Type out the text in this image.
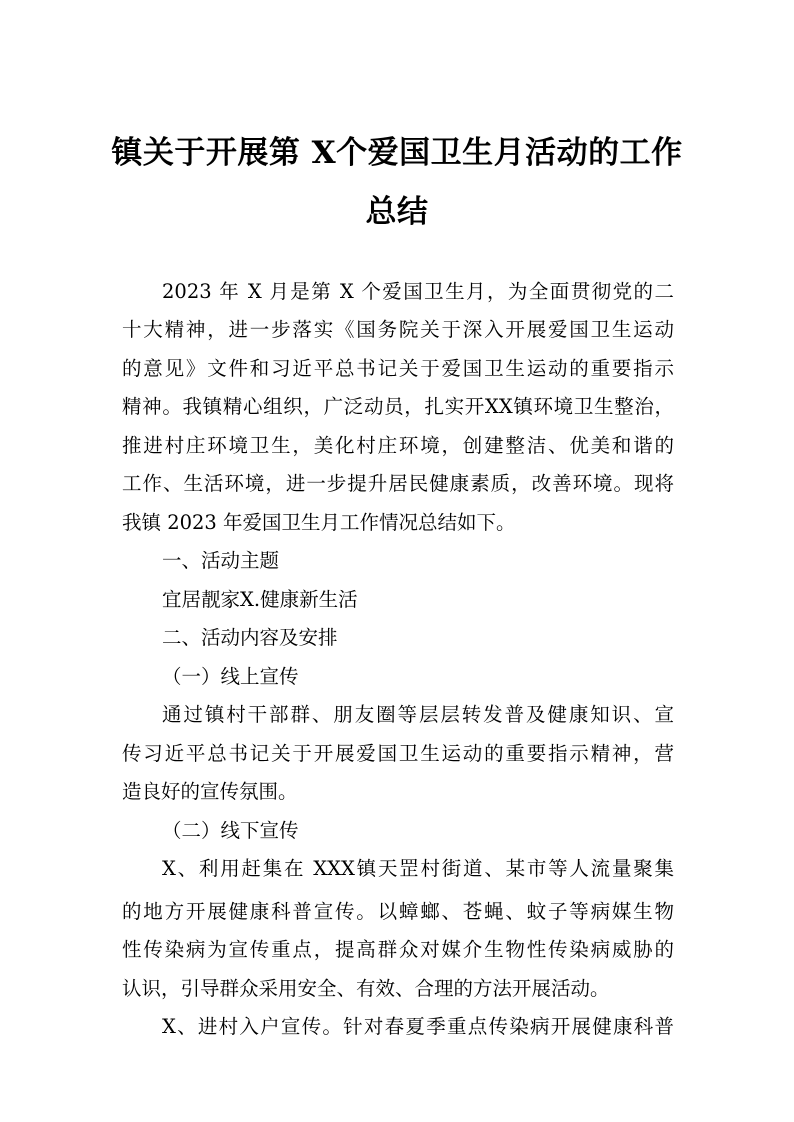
镇关于开展第 X个爱国卫生月活动的工作
总结
2023 年 X 月是第 X 个爱国卫生月，为全面贯彻党的二
十大精神，进一步落实《国务院关于深入开展爱国卫生运动
的意见》文件和习近平总书记关于爱国卫生运动的重要指示
精神。我镇精心组织，广泛动员，扎实开XX镇环境卫生整治，
推进村庄环境卫生，美化村庄环境，创建整洁、优美和谐的
工作、生活环境，进一步提升居民健康素质，改善环境。现将
我镇 2023 年爱国卫生月工作情况总结如下。
一、活动主题
宜居靓家X.健康新生活
二、活动内容及安排
（一）线上宣传
通过镇村干部群、朋友圈等层层转发普及健康知识、宣
传习近平总书记关于开展爱国卫生运动的重要指示精神，营
造良好的宣传氛围。
（二）线下宣传
X、利用赶集在 XXX镇天罡村街道、某市等人流量聚集
的地方开展健康科普宣传。以蟑螂、苍蝇、蚊子等病媒生物
性传染病为宣传重点，提高群众对媒介生物性传染病威胁的
认识，引导群众采用安全、有效、合理的方法开展活动。
X、进村入户宣传。针对春夏季重点传染病开展健康科普
